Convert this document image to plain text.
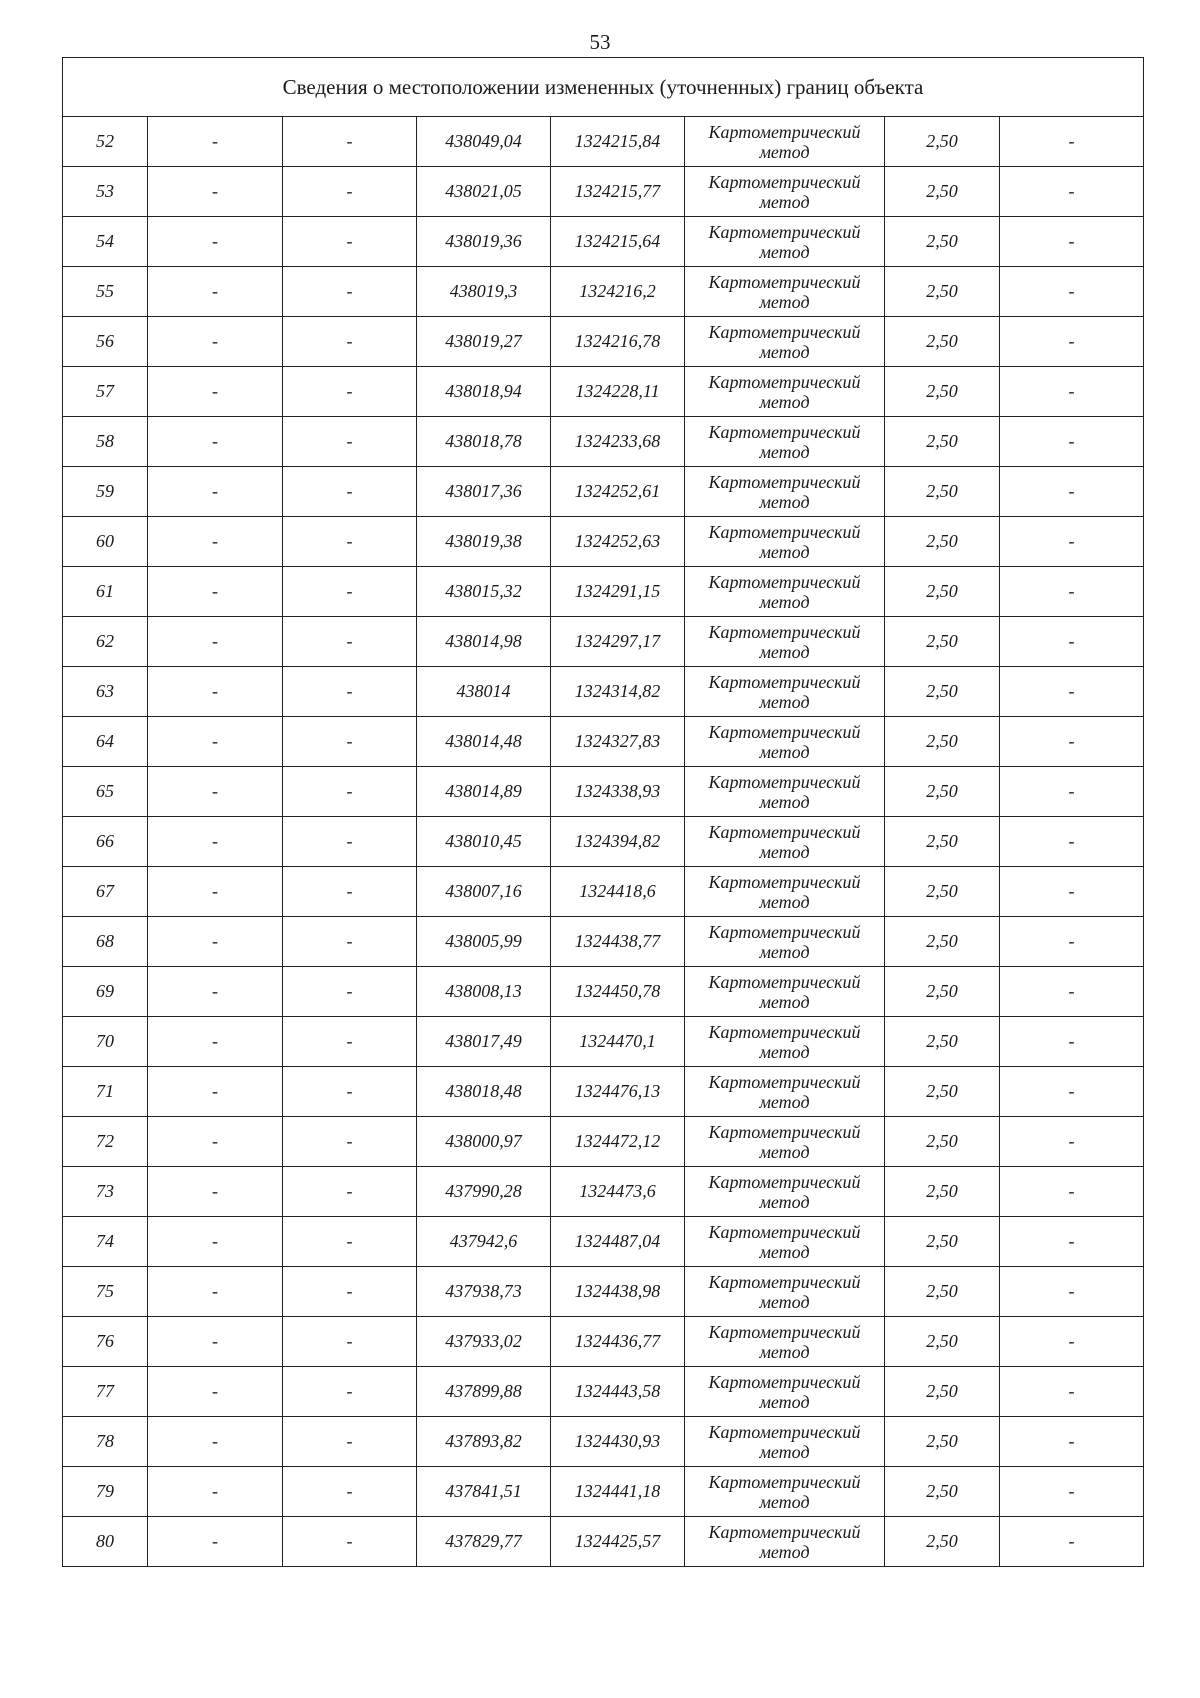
53
Сведения о местоположении измененных (уточненных) границ объекта							
52	-	-	438049,04	1324215,84	Картометрический
метод	2,50	-
53	-	-	438021,05	1324215,77	Картометрический
метод	2,50	-
54	-	-	438019,36	1324215,64	Картометрический
метод	2,50	-
55	-	-	438019,3	1324216,2	Картометрический
метод	2,50	-
56	-	-	438019,27	1324216,78	Картометрический
метод	2,50	-
57	-	-	438018,94	1324228,11	Картометрический
метод	2,50	-
58	-	-	438018,78	1324233,68	Картометрический
метод	2,50	-
59	-	-	438017,36	1324252,61	Картометрический
метод	2,50	-
60	-	-	438019,38	1324252,63	Картометрический
метод	2,50	-
61	-	-	438015,32	1324291,15	Картометрический
метод	2,50	-
62	-	-	438014,98	1324297,17	Картометрический
метод	2,50	-
63	-	-	438014	1324314,82	Картометрический
метод	2,50	-
64	-	-	438014,48	1324327,83	Картометрический
метод	2,50	-
65	-	-	438014,89	1324338,93	Картометрический
метод	2,50	-
66	-	-	438010,45	1324394,82	Картометрический
метод	2,50	-
67	-	-	438007,16	1324418,6	Картометрический
метод	2,50	-
68	-	-	438005,99	1324438,77	Картометрический
метод	2,50	-
69	-	-	438008,13	1324450,78	Картометрический
метод	2,50	-
70	-	-	438017,49	1324470,1	Картометрический
метод	2,50	-
71	-	-	438018,48	1324476,13	Картометрический
метод	2,50	-
72	-	-	438000,97	1324472,12	Картометрический
метод	2,50	-
73	-	-	437990,28	1324473,6	Картометрический
метод	2,50	-
74	-	-	437942,6	1324487,04	Картометрический
метод	2,50	-
75	-	-	437938,73	1324438,98	Картометрический
метод	2,50	-
76	-	-	437933,02	1324436,77	Картометрический
метод	2,50	-
77	-	-	437899,88	1324443,58	Картометрический
метод	2,50	-
78	-	-	437893,82	1324430,93	Картометрический
метод	2,50	-
79	-	-	437841,51	1324441,18	Картометрический
метод	2,50	-
80	-	-	437829,77	1324425,57	Картометрический
метод	2,50	-
